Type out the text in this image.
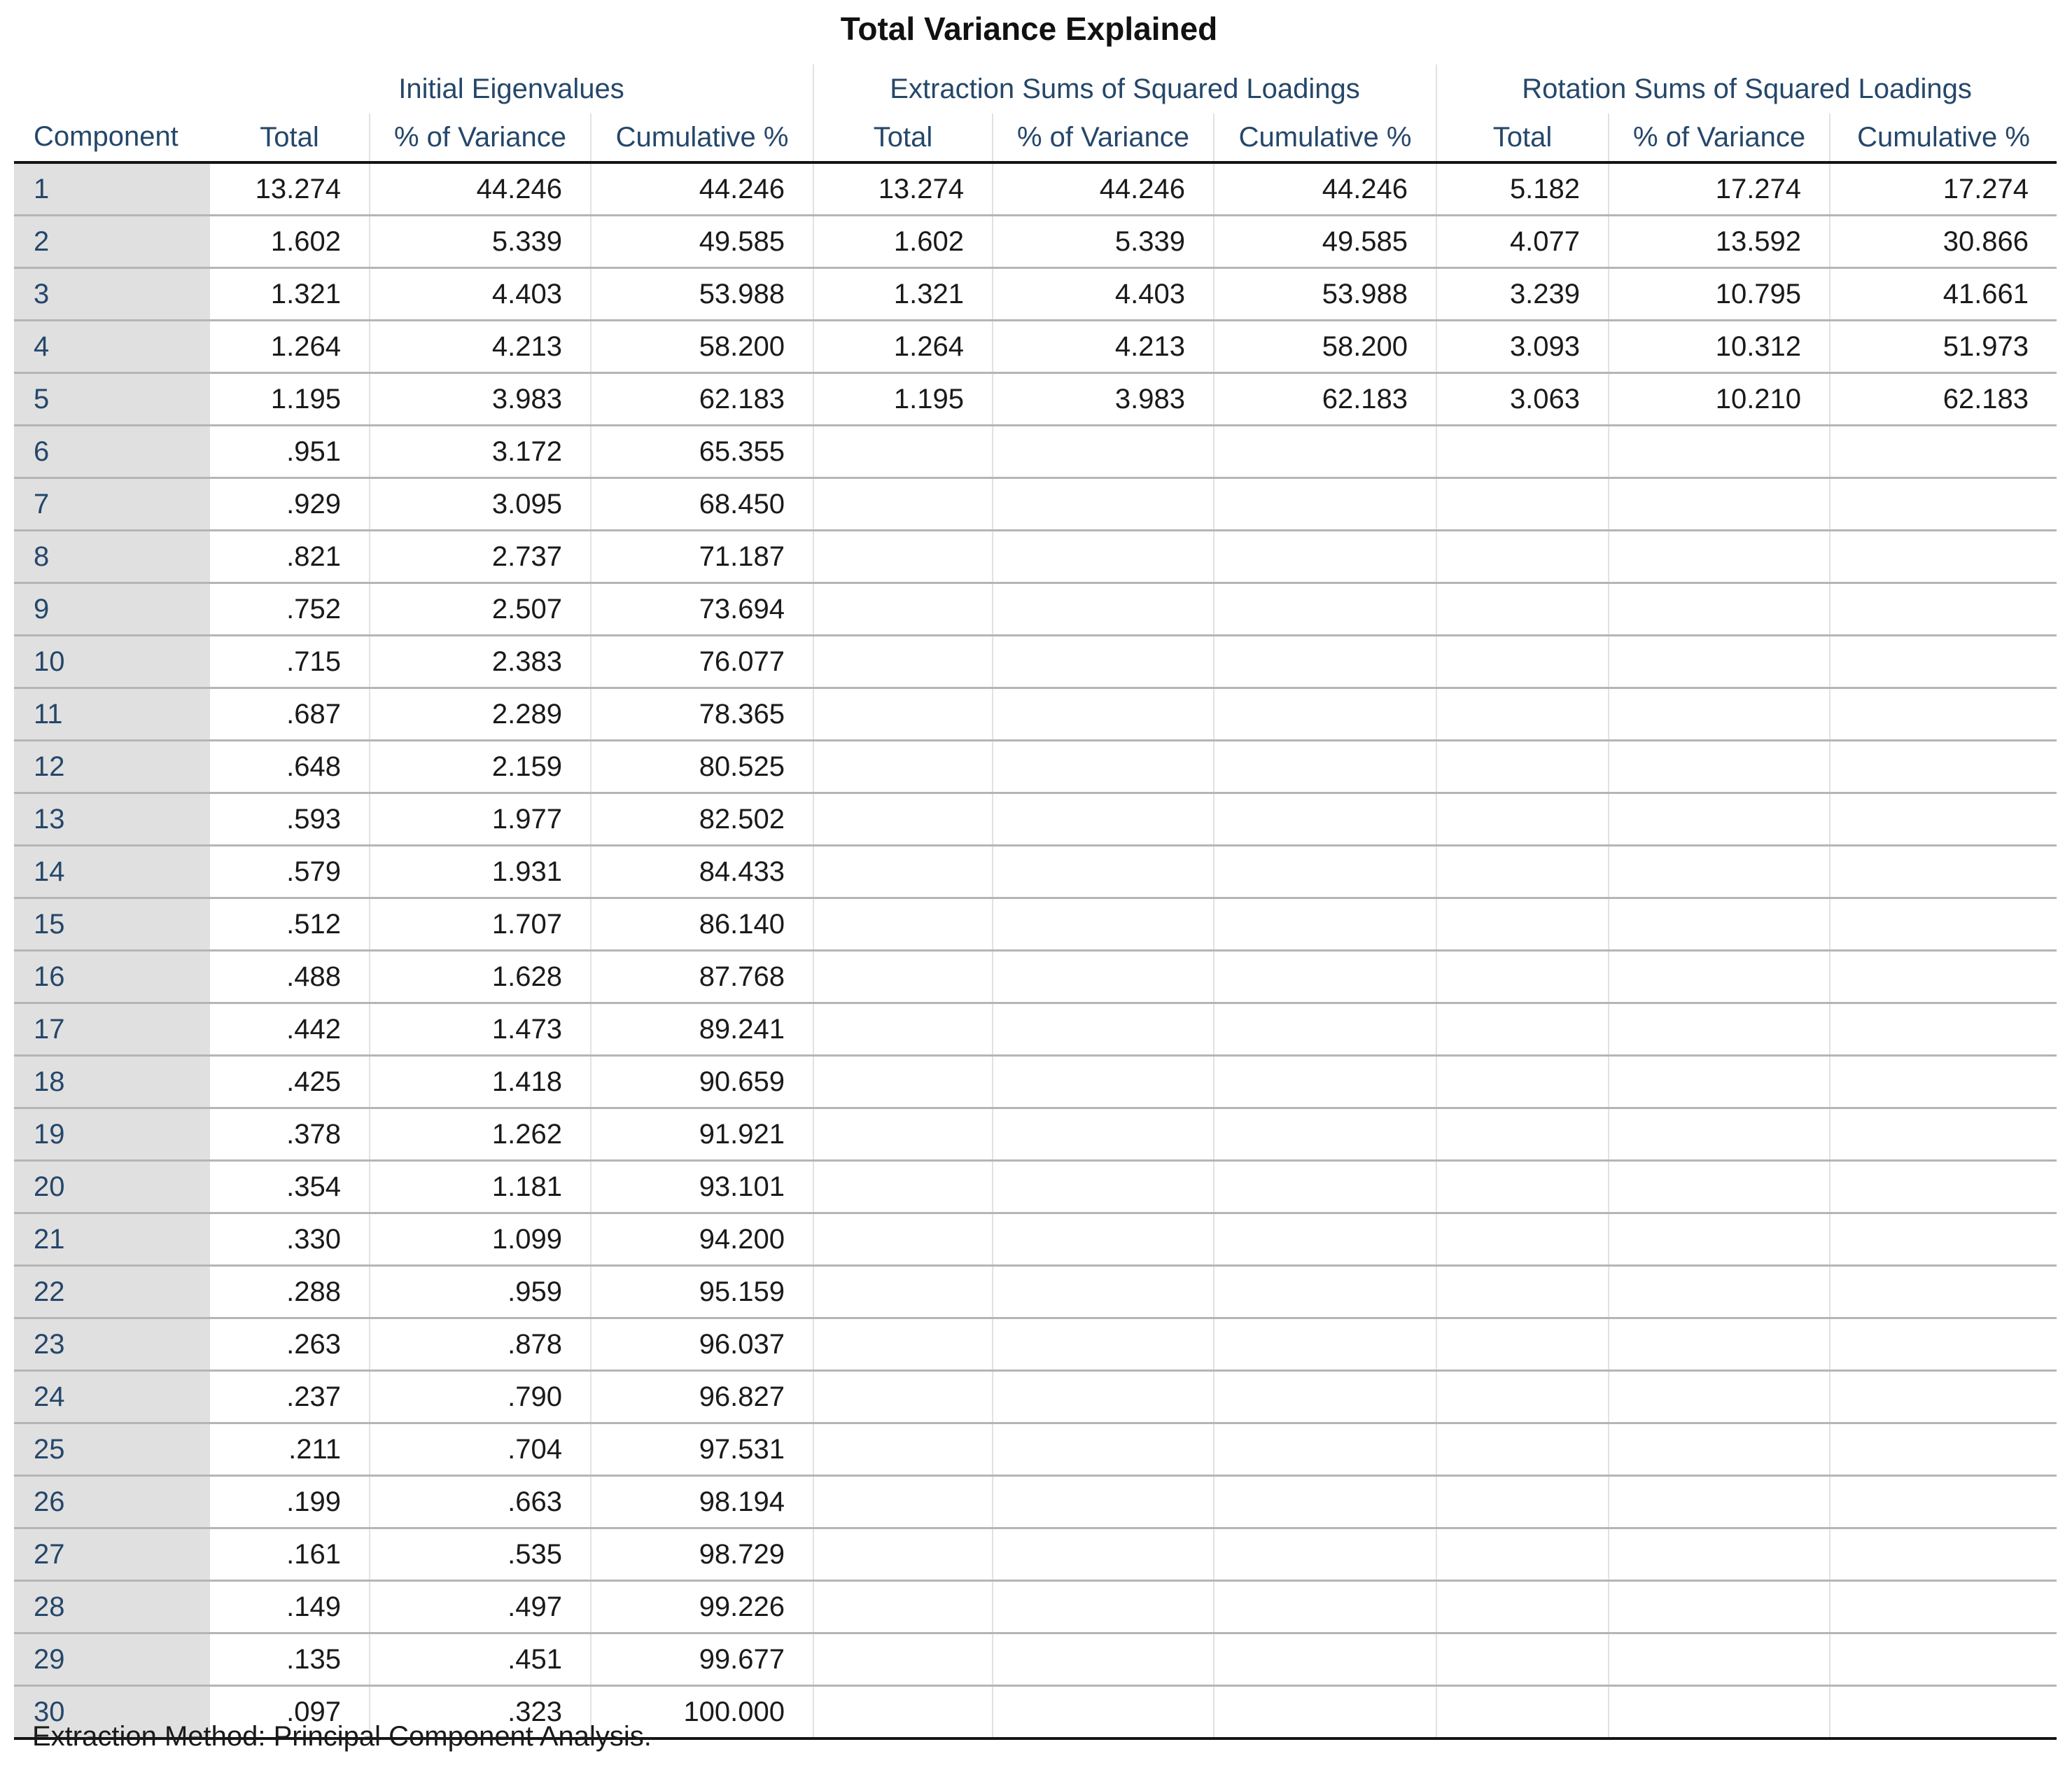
Total Variance Explained
Component	Initial Eigenvalues			Extraction Sums of Squared Loadings			Rotation Sums of Squared Loadings		
	Total	% of Variance	Cumulative %	Total	% of Variance	Cumulative %	Total	% of Variance	Cumulative %
1	13.274	44.246	44.246	13.274	44.246	44.246	5.182	17.274	17.274
2	1.602	5.339	49.585	1.602	5.339	49.585	4.077	13.592	30.866
3	1.321	4.403	53.988	1.321	4.403	53.988	3.239	10.795	41.661
4	1.264	4.213	58.200	1.264	4.213	58.200	3.093	10.312	51.973
5	1.195	3.983	62.183	1.195	3.983	62.183	3.063	10.210	62.183
6	.951	3.172	65.355						
7	.929	3.095	68.450						
8	.821	2.737	71.187						
9	.752	2.507	73.694						
10	.715	2.383	76.077						
11	.687	2.289	78.365						
12	.648	2.159	80.525						
13	.593	1.977	82.502						
14	.579	1.931	84.433						
15	.512	1.707	86.140						
16	.488	1.628	87.768						
17	.442	1.473	89.241						
18	.425	1.418	90.659						
19	.378	1.262	91.921						
20	.354	1.181	93.101						
21	.330	1.099	94.200						
22	.288	.959	95.159						
23	.263	.878	96.037						
24	.237	.790	96.827						
25	.211	.704	97.531						
26	.199	.663	98.194						
27	.161	.535	98.729						
28	.149	.497	99.226						
29	.135	.451	99.677						
30	.097	.323	100.000						
Extraction Method: Principal Component Analysis.
